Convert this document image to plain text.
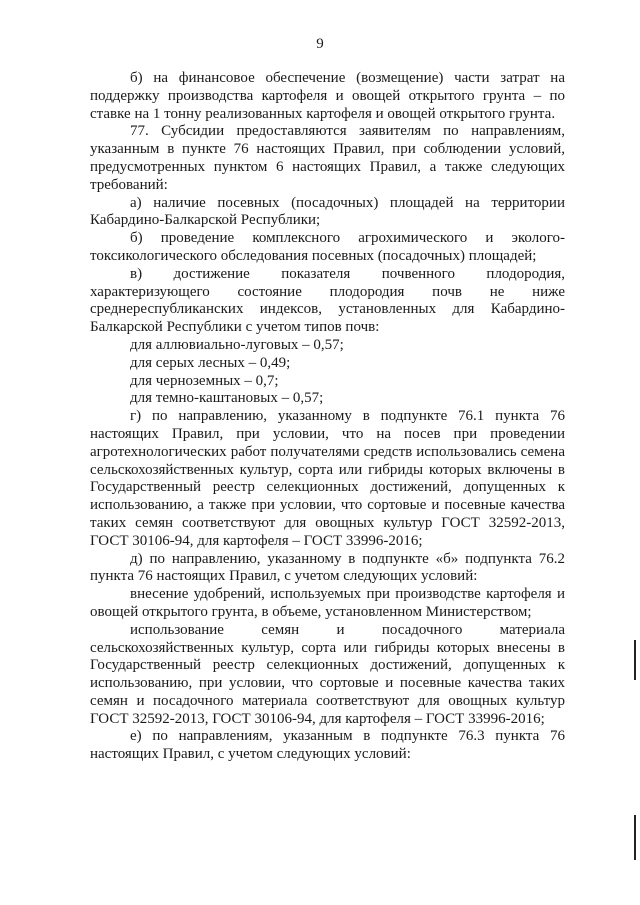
9

б) на финансовое обеспечение (возмещение) части затрат на поддержку производства картофеля и овощей открытого грунта – по ставке на 1 тонну реализованных картофеля и овощей открытого грунта.

77. Субсидии предоставляются заявителям по направлениям, указанным в пункте 76 настоящих Правил, при соблюдении условий, предусмотренных пунктом 6 настоящих Правил, а также следующих требований:

а) наличие посевных (посадочных) площадей на территории Кабардино-Балкарской Республики;

б) проведение комплексного агрохимического и эколого-токсикологического обследования посевных (посадочных) площадей;

в) достижение показателя почвенного плодородия, характеризующего состояние плодородия почв не ниже среднереспубликанских индексов, установленных для Кабардино-Балкарской Республики с учетом типов почв:

для аллювиально-луговых – 0,57;

для серых лесных – 0,49;

для черноземных – 0,7;

для темно-каштановых – 0,57;

г) по направлению, указанному в подпункте 76.1 пункта 76 настоящих Правил, при условии, что на посев при проведении агротехнологических работ получателями средств использовались семена сельскохозяйственных культур, сорта или гибриды которых включены в Государственный реестр селекционных достижений, допущенных к использованию, а также при условии, что сортовые и посевные качества таких семян соответствуют для овощных культур ГОСТ 32592-2013, ГОСТ 30106-94, для картофеля – ГОСТ 33996-2016;

д) по направлению, указанному в подпункте «б» подпункта 76.2 пункта 76 настоящих Правил, с учетом следующих условий:

внесение удобрений, используемых при производстве картофеля и овощей открытого грунта, в объеме, установленном Министерством;

использование семян и посадочного материала сельскохозяйственных культур, сорта или гибриды которых внесены в Государственный реестр селекционных достижений, допущенных к использованию, при условии, что сортовые и посевные качества таких семян и посадочного материала соответствуют для овощных культур ГОСТ 32592-2013, ГОСТ 30106-94, для картофеля – ГОСТ 33996-2016;

е) по направлениям, указанным в подпункте 76.3 пункта 76 настоящих Правил, с учетом следующих условий:
